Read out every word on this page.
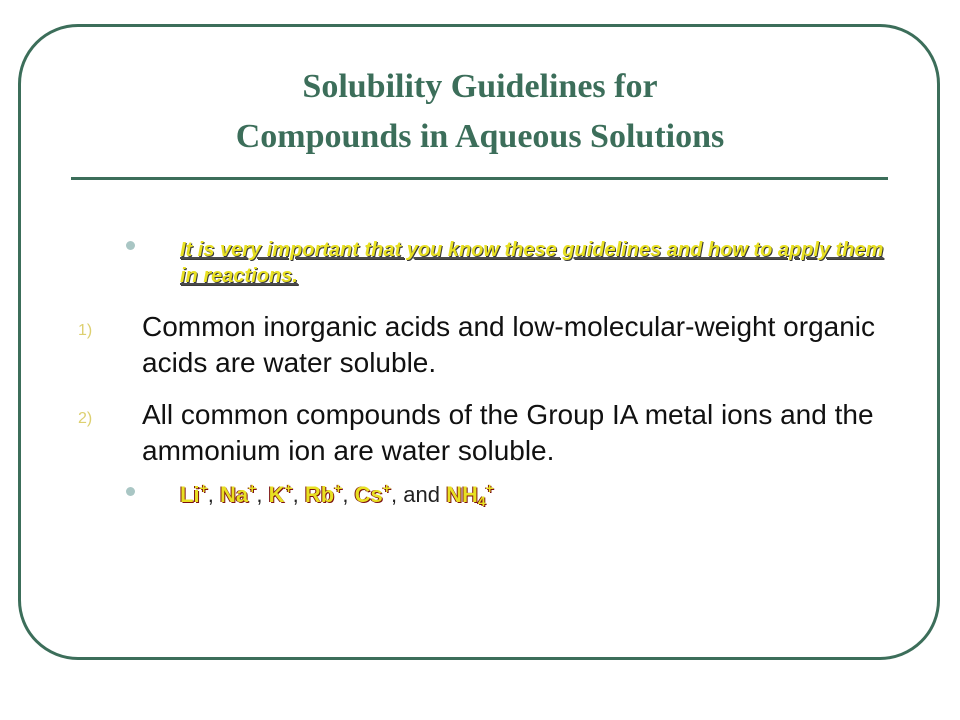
Solubility Guidelines for
Compounds in Aqueous Solutions

It is very important that you know these guidelines and how to apply them in reactions.

1) Common inorganic acids and low-molecular-weight organic acids are water soluble.

2) All common compounds of the Group IA metal ions and the ammonium ion are water soluble.

Li+, Na+, K+, Rb+, Cs+, and $NH_4^+$
